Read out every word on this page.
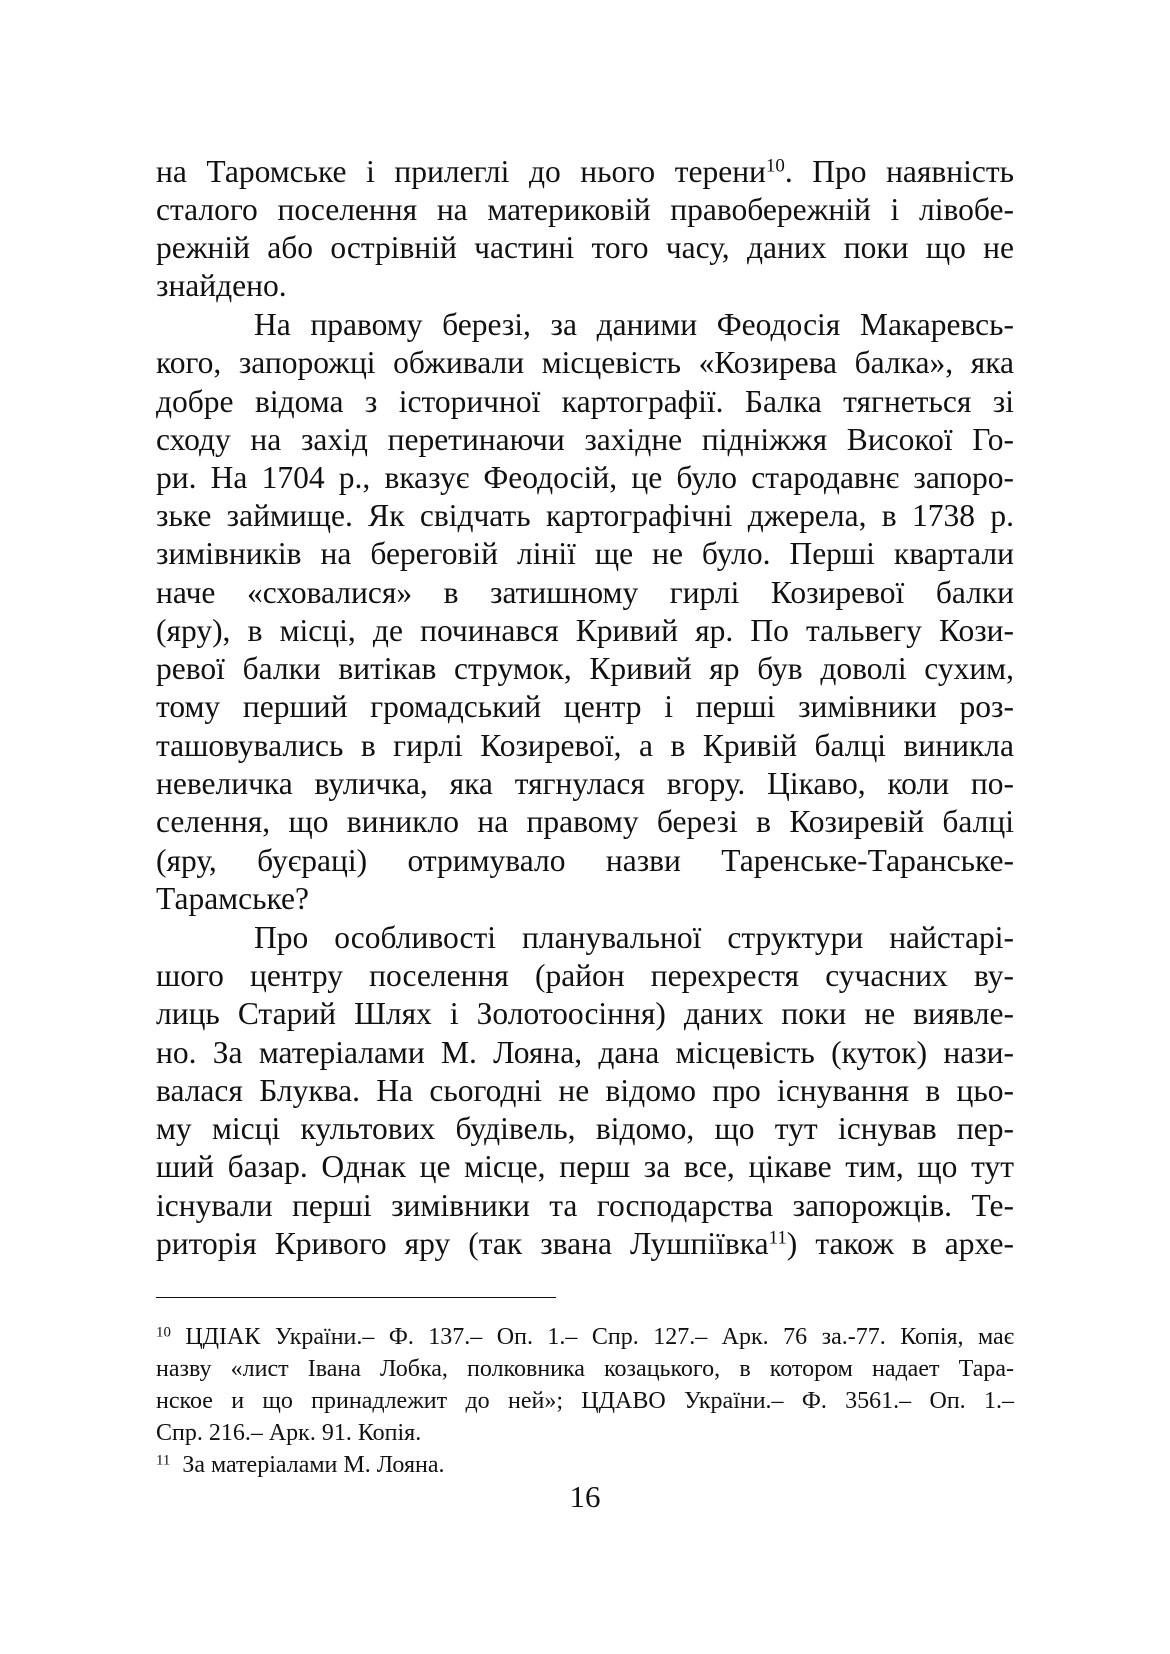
на Таромське і прилеглі до нього терени$^{10}$. Про наявність
сталого поселення на материковій правобережній і лівобе-
режній або острівній частині того часу, даних поки що не
знайдено.
На правому березі, за даними Феодосія Макаревсь-
кого, запорожці обживали місцевість «Козирева балка», яка
добре відома з історичної картографії. Балка тягнеться зі
сходу на захід перетинаючи західне підніжжя Високої Го-
ри. На 1704 р., вказує Феодосій, це було стародавнє запоро-
зьке займище. Як свідчать картографічні джерела, в 1738 р.
зимівників на береговій лінії ще не було. Перші квартали
наче «сховалися» в затишному гирлі Козиревої балки
(яру), в місці, де починався Кривий яр. По тальвегу Кози-
ревої балки витікав струмок, Кривий яр був доволі сухим,
тому перший громадський центр і перші зимівники роз-
ташовувались в гирлі Козиревої, а в Кривій балці виникла
невеличка вуличка, яка тягнулася вгору. Цікаво, коли по-
селення, що виникло на правому березі в Козиревій балці
(яру, буєраці) отримувало назви Таренське-Таранське-
Тарамське?
Про особливості планувальної структури найстарі-
шого центру поселення (район перехрестя сучасних ву-
лиць Старий Шлях і Золотоосіння) даних поки не виявле-
но. За матеріалами М. Лояна, дана місцевість (куток) нази-
валася Блуква. На сьогодні не відомо про існування в цьо-
му місці культових будівель, відомо, що тут існував пер-
ший базар. Однак це місце, перш за все, цікаве тим, що тут
існували перші зимівники та господарства запорожців. Те-
риторія Кривого яру (так звана Лушпіївка$^{11}$) також в архе-
$^{10}$ ЦДІАК України.– Ф. 137.– Оп. 1.– Спр. 127.– Арк. 76 за.-77. Копія, має
назву «лист Івана Лобка, полковника козацького, в котором надает Тара-
нское и що принадлежит до ней»; ЦДАВО України.– Ф. 3561.– Оп. 1.–
Спр. 216.– Арк. 91. Копія.
$^{11}$  За матеріалами М. Лояна.
16
